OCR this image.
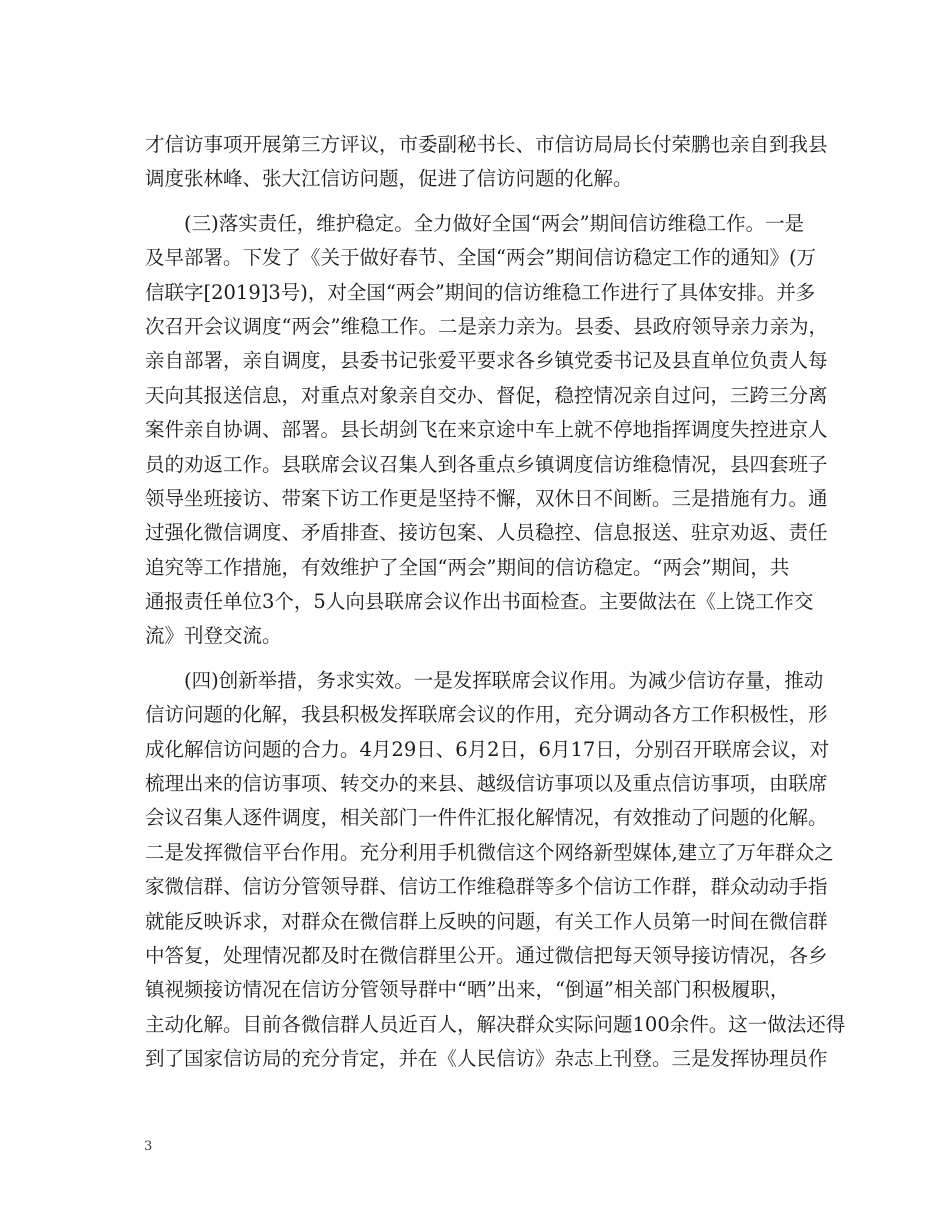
才信访事项开展第三方评议，市委副秘书长、市信访局局长付荣鹏也亲自到我县
调度张林峰、张大江信访问题，促进了信访问题的化解。
(三)落实责任，维护稳定。全力做好全国“两会”期间信访维稳工作。一是
及早部署。下发了《关于做好春节、全国“两会”期间信访稳定工作的通知》(万
信联字[2019]3号)，对全国“两会”期间的信访维稳工作进行了具体安排。并多
次召开会议调度“两会”维稳工作。二是亲力亲为。县委、县政府领导亲力亲为，
亲自部署，亲自调度，县委书记张爱平要求各乡镇党委书记及县直单位负责人每
天向其报送信息，对重点对象亲自交办、督促，稳控情况亲自过问，三跨三分离
案件亲自协调、部署。县长胡剑飞在来京途中车上就不停地指挥调度失控进京人
员的劝返工作。县联席会议召集人到各重点乡镇调度信访维稳情况，县四套班子
领导坐班接访、带案下访工作更是坚持不懈，双休日不间断。三是措施有力。通
过强化微信调度、矛盾排查、接访包案、人员稳控、信息报送、驻京劝返、责任
追究等工作措施，有效维护了全国“两会”期间的信访稳定。“两会”期间，共
通报责任单位3个，5人向县联席会议作出书面检查。主要做法在《上饶工作交
流》刊登交流。
(四)创新举措，务求实效。一是发挥联席会议作用。为减少信访存量，推动
信访问题的化解，我县积极发挥联席会议的作用，充分调动各方工作积极性，形
成化解信访问题的合力。4月29日、6月2日，6月17日，分别召开联席会议，对
梳理出来的信访事项、转交办的来县、越级信访事项以及重点信访事项，由联席
会议召集人逐件调度，相关部门一件件汇报化解情况，有效推动了问题的化解。
二是发挥微信平台作用。充分利用手机微信这个网络新型媒体,建立了万年群众之
家微信群、信访分管领导群、信访工作维稳群等多个信访工作群，群众动动手指
就能反映诉求，对群众在微信群上反映的问题，有关工作人员第一时间在微信群
中答复，处理情况都及时在微信群里公开。通过微信把每天领导接访情况，各乡
镇视频接访情况在信访分管领导群中“晒”出来，“倒逼”相关部门积极履职，
主动化解。目前各微信群人员近百人，解决群众实际问题100余件。这一做法还得
到了国家信访局的充分肯定，并在《人民信访》杂志上刊登。三是发挥协理员作
3
